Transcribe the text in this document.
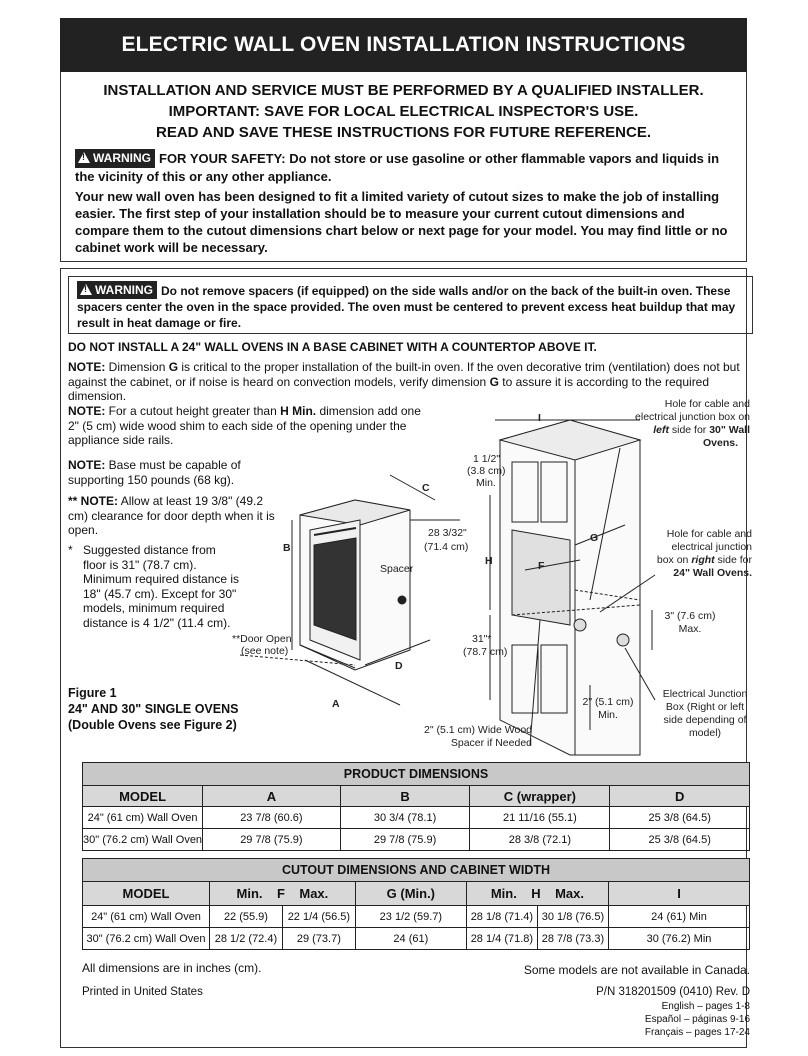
ELECTRIC WALL OVEN INSTALLATION INSTRUCTIONS
INSTALLATION AND SERVICE MUST BE PERFORMED BY A QUALIFIED INSTALLER.
IMPORTANT: SAVE FOR LOCAL ELECTRICAL INSPECTOR'S USE.
READ AND SAVE THESE INSTRUCTIONS FOR FUTURE REFERENCE.
!WARNING FOR YOUR SAFETY: Do not store or use gasoline or other flammable vapors and liquids in the vicinity of this or any other appliance.
Your new wall oven has been designed to fit a limited variety of cutout sizes to make the job of installing easier. The first step of your installation should be to measure your current cutout dimensions and compare them to the cutout dimensions chart below or next page for your model. You may find little or no cabinet work will be necessary.
!WARNING Do not remove spacers (if equipped) on the side walls and/or on the back of the built-in oven. These spacers center the oven in the space provided. The oven must be centered to prevent excess heat buildup that may result in heat damage or fire.
DO NOT INSTALL A 24" WALL OVENS IN A BASE CABINET WITH A COUNTERTOP ABOVE IT.
NOTE: Dimension G is critical to the proper installation of the built-in oven. If the oven decorative trim (ventilation) does not but against the cabinet, or if noise is heard on convection models, verify dimension G to assure it is according to the required dimension.
NOTE: For a cutout height greater than H Min. dimension add one 2" (5 cm) wide wood shim to each side of the opening under the appliance side rails.
NOTE: Base must be capable of supporting 150 pounds (68 kg).
** NOTE: Allow at least 19 3/8" (49.2 cm) clearance for door depth when it is open.
* Suggested distance from floor is 31" (78.7 cm). Minimum required distance is 18" (45.7 cm). Except for 30" models, minimum required distance is 4 1/2" (11.4 cm).
Figure 1
24" AND 30" SINGLE OVENS
(Double Ovens see Figure 2)
B
C
D
A
Spacer
**Door Open
(see note)
28 3/32"
(71.4 cm)
1 1/2"
(3.8 cm)
Min.
H	F
G
I
31"*
(78.7 cm)
Hole for cable and
electrical junction box on
left side for 30" Wall
Ovens.
Hole for cable and
electrical junction
box on right side for
24" Wall Ovens.
3" (7.6 cm)
Max.
2" (5.1 cm)
Min.
Electrical Junction
Box (Right or left
side depending of
model)
2" (5.1 cm) Wide Wood
Spacer if Needed
PRODUCT DIMENSIONS				
MODEL	A	B	C (wrapper)	D
24" (61 cm) Wall Oven	23 7/8 (60.6)	30 3/4 (78.1)	21 11/16 (55.1)	25 3/8 (64.5)
30" (76.2 cm) Wall Oven	29 7/8 (75.9)	29 7/8 (75.9)	28 3/8 (72.1)	25 3/8 (64.5)
CUTOUT DIMENSIONS AND CABINET WIDTH						
MODEL	Min.    F    Max.		G (Min.)	Min.    H    Max.		I
24" (61 cm) Wall Oven	22 (55.9)	22 1/4 (56.5)	23 1/2 (59.7)	28 1/8 (71.4)	30 1/8 (76.5)	24 (61) Min
30" (76.2 cm) Wall Oven	28 1/2 (72.4)	29 (73.7)	24 (61)	28 1/4 (71.8)	28 7/8 (73.3)	30 (76.2) Min
All dimensions are in inches (cm).	Some models are not available in Canada.
Printed in United States	P/N 318201509 (0410) Rev. D
English – pages 1-8
Español – páginas 9-16
Français – pages 17-24
